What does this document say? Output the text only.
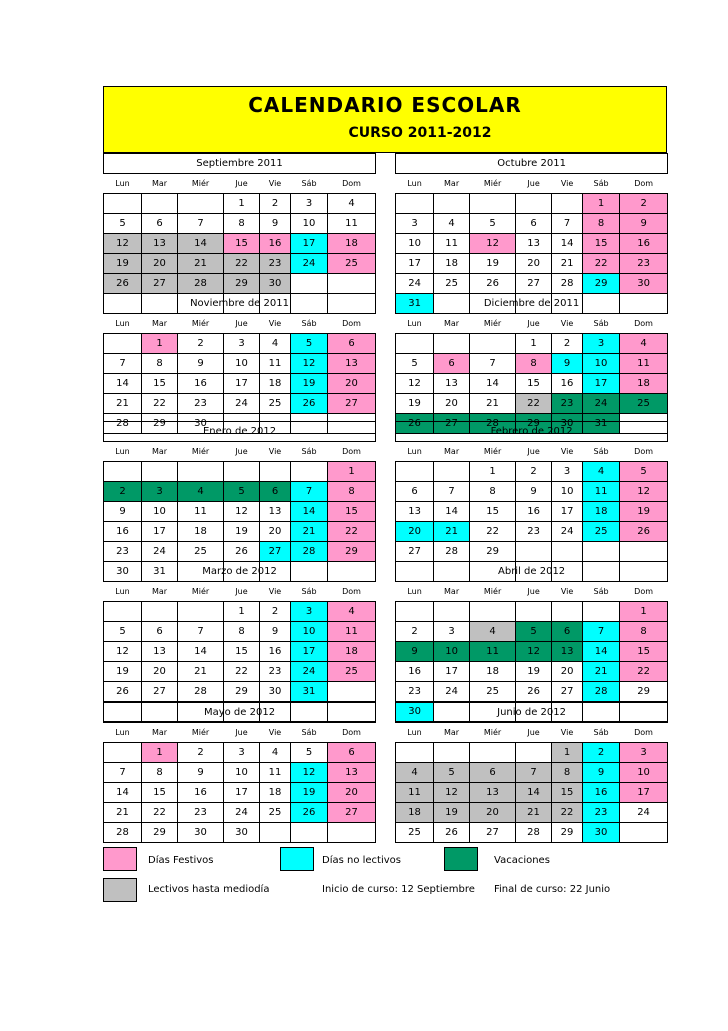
CALENDARIO ESCOLAR
CURSO 2011-2012
Septiembre 2011								Octubre 2011						
Lun	Mar	Miér	Jue	Vie	Sáb	Dom		Lun	Mar	Miér	Jue	Vie	Sáb	Dom
			1	2	3	4							1	2
5	6	7	8	9	10	11		3	4	5	6	7	8	9
12	13	14	15	16	17	18		10	11	12	13	14	15	16
19	20	21	22	23	24	25		17	18	19	20	21	22	23
26	27	28	29	30				24	25	26	27	28	29	30
								31						
Noviembre de 2011								Diciembre de 2011						
Lun	Mar	Miér	Jue	Vie	Sáb	Dom		Lun	Mar	Miér	Jue	Vie	Sáb	Dom
	1	2	3	4	5	6					1	2	3	4
7	8	9	10	11	12	13		5	6	7	8	9	10	11
14	15	16	17	18	19	20		12	13	14	15	16	17	18
21	22	23	24	25	26	27		19	20	21	22	23	24	25
28	29	30						26	27	28	29	30	31	
Enero de 2012								Febrero de 2012						
Lun	Mar	Miér	Jue	Vie	Sáb	Dom		Lun	Mar	Miér	Jue	Vie	Sáb	Dom
						1				1	2	3	4	5
2	3	4	5	6	7	8		6	7	8	9	10	11	12
9	10	11	12	13	14	15		13	14	15	16	17	18	19
16	17	18	19	20	21	22		20	21	22	23	24	25	26
23	24	25	26	27	28	29		27	28	29				
30	31														Marzo de 2012								Abril de 2012						
Lun	Mar	Miér	Jue	Vie	Sáb	Dom		Lun	Mar	Miér	Jue	Vie	Sáb	Dom
			1	2	3	4								1
5	6	7	8	9	10	11		2	3	4	5	6	7	8
12	13	14	15	16	17	18		9	10	11	12	13	14	15
19	20	21	22	23	24	25		16	17	18	19	20	21	22
26	27	28	29	30	31			23	24	25	26	27	28	29
								30						
Mayo de 2012								Junio de 2012						
Lun	Mar	Miér	Jue	Vie	Sáb	Dom		Lun	Mar	Miér	Jue	Vie	Sáb	Dom
	1	2	3	4	5	6						1	2	3
7	8	9	10	11	12	13		4	5	6	7	8	9	10
14	15	16	17	18	19	20		11	12	13	14	15	16	17
21	22	23	24	25	26	27		18	19	20	21	22	23	24
28	29	30	30					25	26	27	28	29	30	
Días Festivos	Días no lectivos	Vacaciones
Lectivos hasta mediodía	Inicio de curso: 12 Septiembre Final de curso: 22 Junio
